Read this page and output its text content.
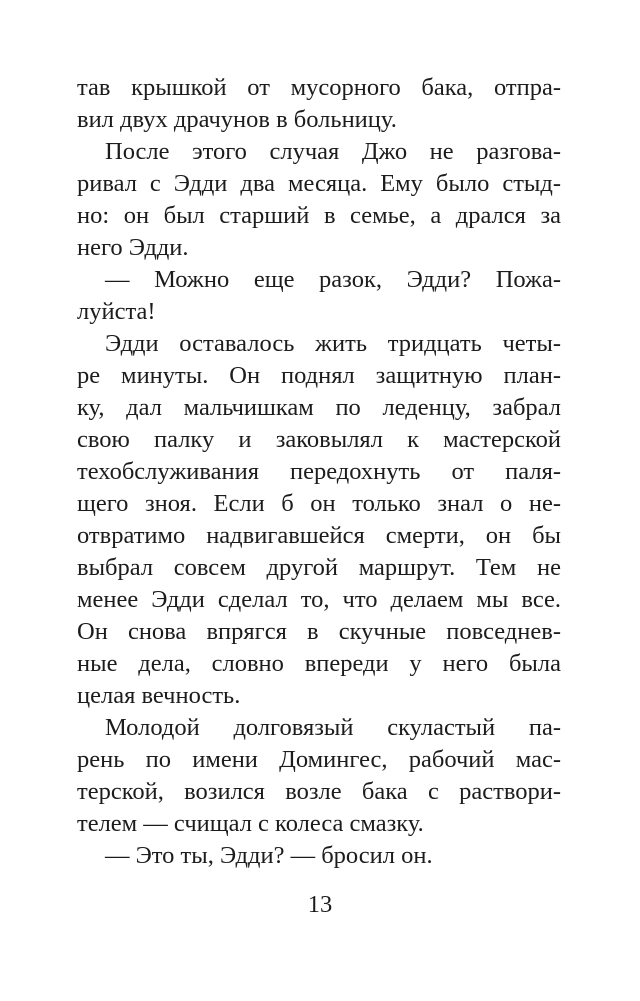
тав крышкой от мусорного бака, отпра-
вил двух драчунов в больницу.
После этого случая Джо не разгова-
ривал с Эдди два месяца. Ему было стыд-
но: он был старший в семье, а дрался за
него Эдди.
— Можно еще разок, Эдди? Пожа-
луйста!
Эдди оставалось жить тридцать четы-
ре минуты. Он поднял защитную план-
ку, дал мальчишкам по леденцу, забрал
свою палку и заковылял к мастерской
техобслуживания передохнуть от паля-
щего зноя. Если б он только знал о не-
отвратимо надвигавшейся смерти, он бы
выбрал совсем другой маршрут. Тем не
менее Эдди сделал то, что делаем мы все.
Он снова впрягся в скучные повседнев-
ные дела, словно впереди у него была
целая вечность.
Молодой долговязый скуластый па-
рень по имени Домингес, рабочий мас-
терской, возился возле бака с раствори-
телем — счищал с колеса смазку.
— Это ты, Эдди? — бросил он.
13
